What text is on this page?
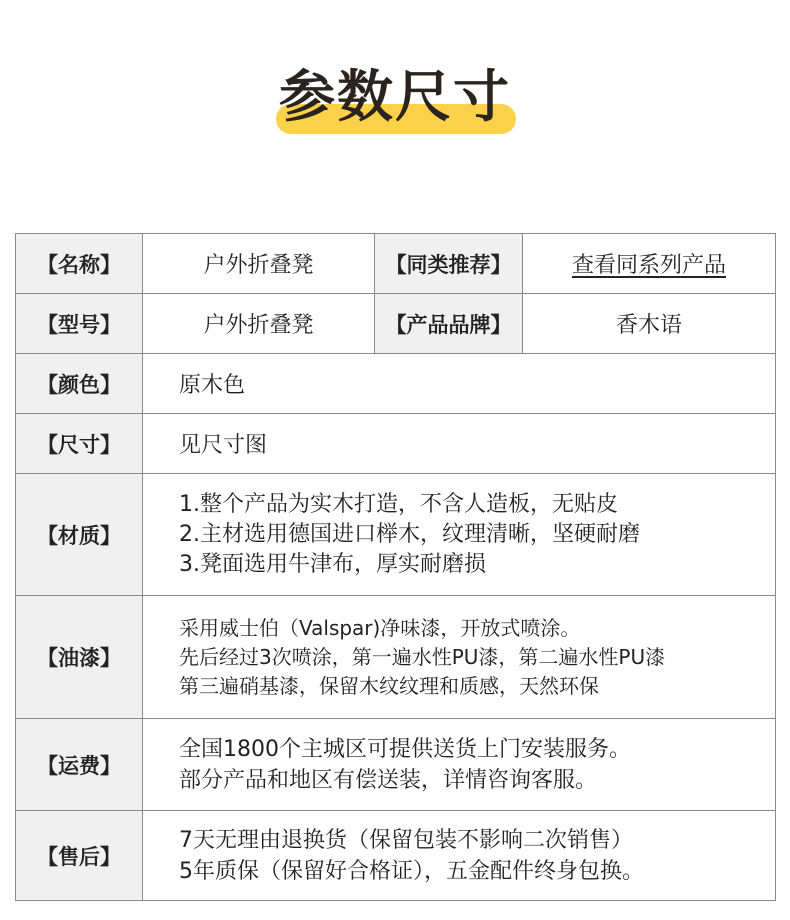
参数尺寸
【名称】	户外折叠凳	【同类推荐】	查看同系列产品
【型号】	户外折叠凳	【产品品牌】	香木语
【颜色】	原木色		
【尺寸】	见尺寸图		
【材质】	1.整个产品为实木打造，不含人造板，无贴皮
2.主材选用德国进口榉木，纹理清晰，坚硬耐磨
3.凳面选用牛津布，厚实耐磨损		

【油漆】	采用威士伯（Valspar)净味漆，开放式喷涂。
先后经过3次喷涂，第一遍水性PU漆，第二遍水性PU漆
第三遍硝基漆，保留木纹纹理和质感，天然环保		

【运费】	全国1800个主城区可提供送货上门安装服务。
部分产品和地区有偿送装，详情咨询客服。		

【售后】	7天无理由退换货（保留包装不影响二次销售）
5年质保（保留好合格证），五金配件终身包换。		
